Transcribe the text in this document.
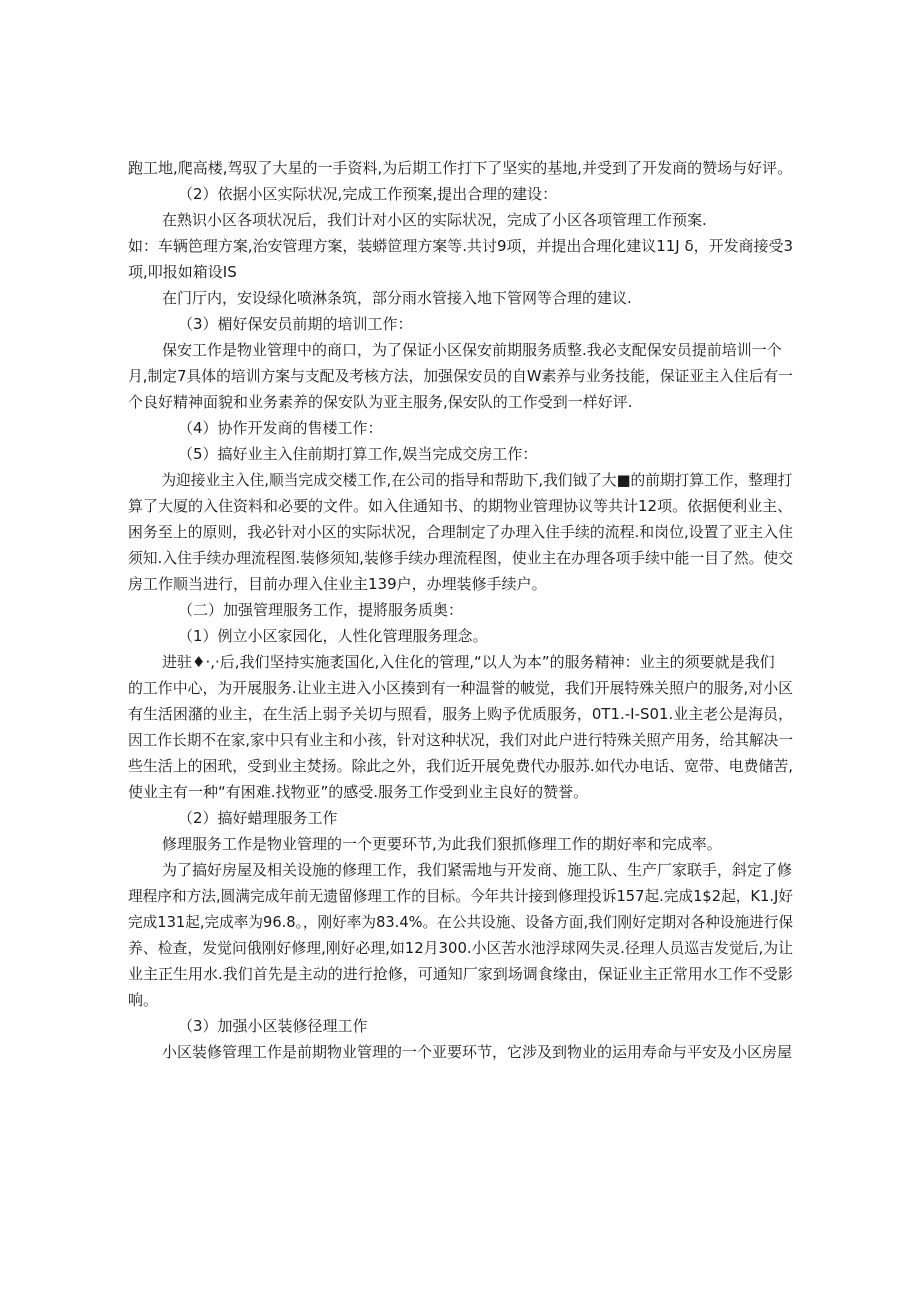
跑工地,爬高楼,驾驭了大星的一手资料,为后期工作打下了坚实的基地,并受到了开发商的赞场与好评。
（2）依据小区实际状况,完成工作预案,提出合理的建设：
在熟识小区各项状况后，我们计对小区的实际状况，完成了小区各项管理工作预案.
如：车辆笆理方案,治安管理方案，装蟒笸理方案等.共讨9项，并提出合理化建议11J δ，开发商接受3
项,叩报如箱设IS
在门厅内，安设绿化喷淋条筑，部分雨水管接入地下管网等合理的建议.
（3）楣好保安员前期的培训工作：
保安工作是物业管理中的商口，为了保证小区保安前期服务质整.我必支配保安员提前培训一个
月,制定7具体的培训方案与支配及考核方法，加强保安员的自W素养与业务技能，保证亚主入住后有一
个良好精神面貌和业务素养的保安队为亚主服务,保安队的工作受到一样好评.
（4）协作开发商的售楼工作：
（5）搞好业主入住前期打算工作,娱当完成交房工作：
为迎接业主入住,顺当完成交楼工作,在公司的指导和帮助下,我们钺了大■的前期打算工作，整理打
算了大厦的入住资料和必要的文件。如入住通知书、的期物业管理协议等共计12项。依据便利业主、
困务至上的原则，我必针对小区的实际状况，合理制定了办理入住手续的流程.和岗位,设置了亚主入住
须知.入住手续办理流程图.装修须知,装修手续办理流程图，使业主在办理各项手续中能一目了然。使交
房工作顺当进行，目前办理入住业主139户，办埋装修手续户。
（二）加强管理服务工作，提將服务质奥：
（1）例立小区家园化，人性化管理服务理念。
进驻♦·,·后,我们坚持实施袤国化,入住化的管理,“以人为本”的服务精神：业主的须要就是我们
的工作中心，为开展服务.让业主进入小区揍到有一种温誉的帔觉，我们开展特殊关照户的服务,对小区
有生活困潴的业主，在生活上弱予关切与照看，服务上购予优质服务，0T1.-I-S01.业主老公是海员，
因工作长期不在家,家中只有业主和小孩，针对这种状况，我们对此户进行特殊关照产用务，给其解决一
些生活上的困玳，受到业主焚扬。除此之外，我们近开展免费代办服苏.如代办电话、宽带、电费储苦,
使业主有一种“有困难.找物亚”的感受.服务工作受到业主良好的赞誉。
（2）搞好蜡理服务工作
修理服务工作是物业管理的一个更要环节,为此我们狠抓修理工作的期好率和完成率。
为了搞好房屋及相关设施的修理工作，我们紧需地与开发商、施工队、生产厂家联手，斜定了修
理程序和方法,圆满完成年前无遗留修理工作的目标。今年共计接到修理投诉157起.完成1$2起，K1.J好
完成131起,完成率为96.8。，刚好率为83.4%。在公共设施、设备方面,我们刚好定期对各种设施进行保
养、检查，发觉问俄刚好修理,刚好必理,如12月300.小区苦水池浮球网失灵.径理人员巡吉发觉后,为让
业主正生用水.我们首先是主动的进行抢修，可通知厂家到场调食缘由，保证业主正常用水工作不受影
响。
（3）加强小区装修径理工作
小区装修管理工作是前期物业管理的一个亚要环节，它涉及到物业的运用寿命与平安及小区房屋
